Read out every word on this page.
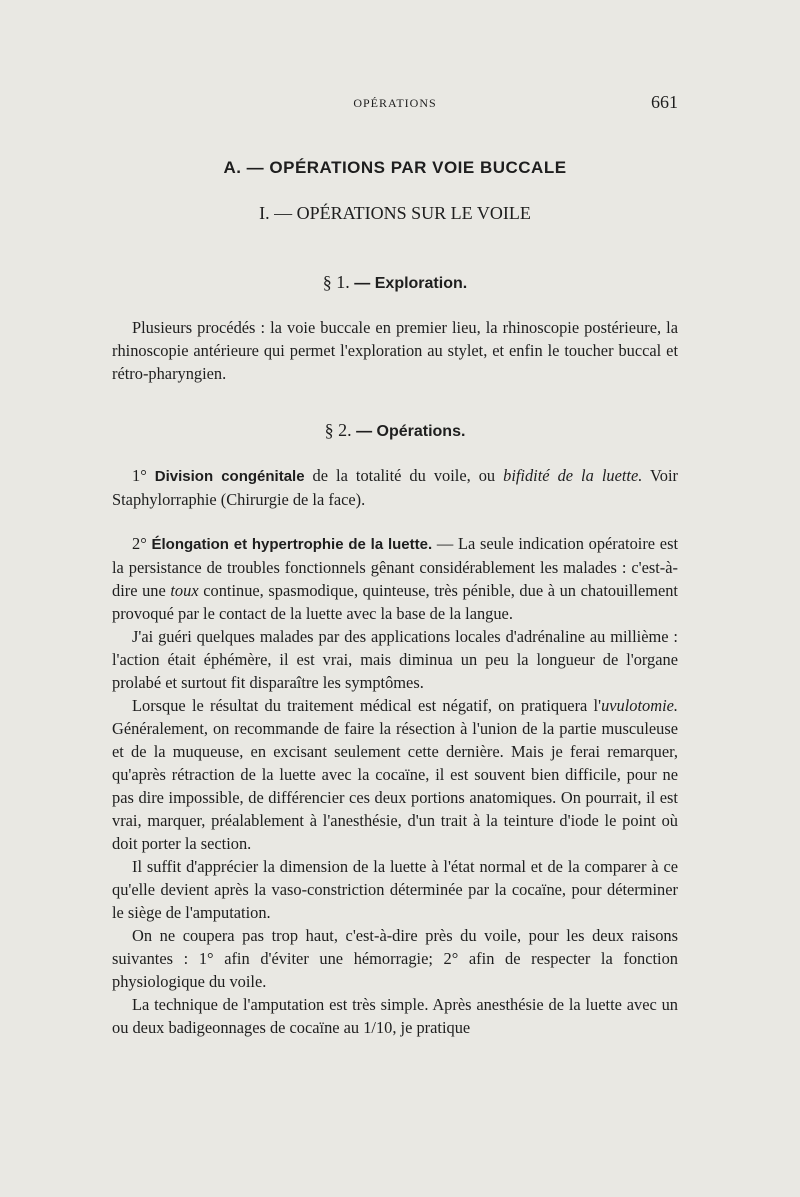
OPÉRATIONS	661
A. — OPÉRATIONS PAR VOIE BUCCALE
I. — OPÉRATIONS SUR LE VOILE
§ 1. — Exploration.

Plusieurs procédés : la voie buccale en premier lieu, la rhinoscopie postérieure, la rhinoscopie antérieure qui permet l'exploration au stylet, et enfin le toucher buccal et rétro-pharyngien.

§ 2. — Opérations.

1° Division congénitale de la totalité du voile, ou bifidité de la luette. Voir Staphylorraphie (Chirurgie de la face).

2° Élongation et hypertrophie de la luette. — La seule indication opératoire est la persistance de troubles fonctionnels gênant considérablement les malades : c'est-à-dire une toux continue, spasmodique, quinteuse, très pénible, due à un chatouillement provoqué par le contact de la luette avec la base de la langue.

J'ai guéri quelques malades par des applications locales d'adrénaline au millième : l'action était éphémère, il est vrai, mais diminua un peu la longueur de l'organe prolabé et surtout fit disparaître les symptômes.

Lorsque le résultat du traitement médical est négatif, on pratiquera l'uvulotomie. Généralement, on recommande de faire la résection à l'union de la partie musculeuse et de la muqueuse, en excisant seulement cette dernière. Mais je ferai remarquer, qu'après rétraction de la luette avec la cocaïne, il est souvent bien difficile, pour ne pas dire impossible, de différencier ces deux portions anatomiques. On pourrait, il est vrai, marquer, préalablement à l'anesthésie, d'un trait à la teinture d'iode le point où doit porter la section.

Il suffit d'apprécier la dimension de la luette à l'état normal et de la comparer à ce qu'elle devient après la vaso-constriction déterminée par la cocaïne, pour déterminer le siège de l'amputation.

On ne coupera pas trop haut, c'est-à-dire près du voile, pour les deux raisons suivantes : 1° afin d'éviter une hémorragie; 2° afin de respecter la fonction physiologique du voile.

La technique de l'amputation est très simple. Après anesthésie de la luette avec un ou deux badigeonnages de cocaïne au 1/10, je pratique
